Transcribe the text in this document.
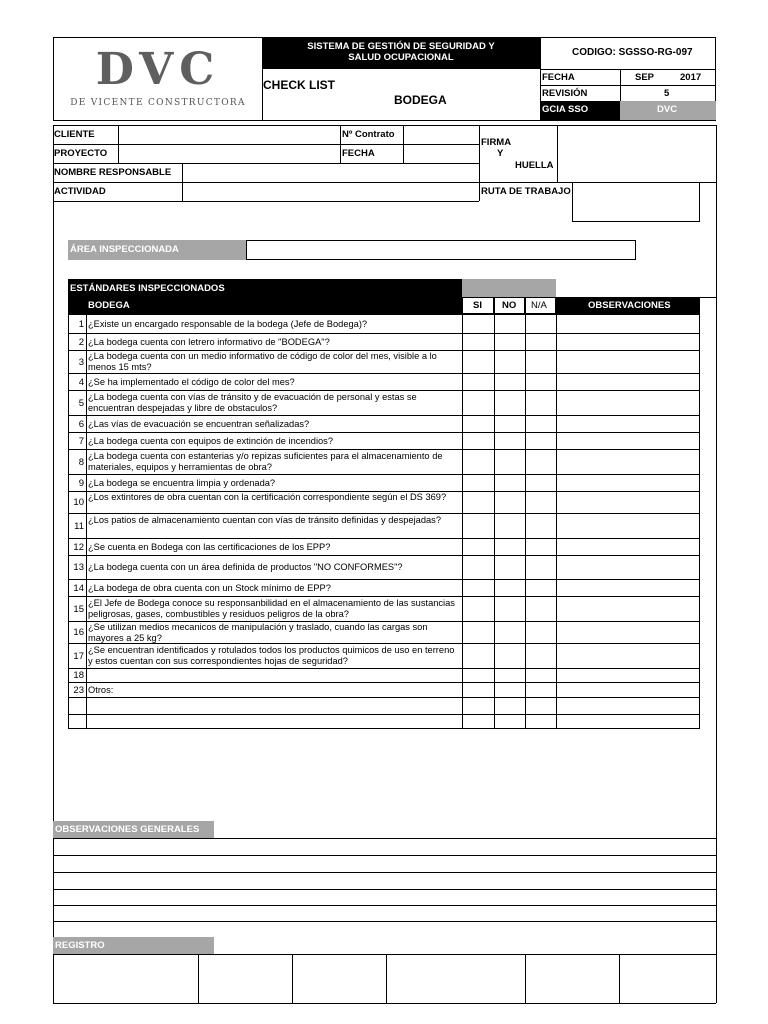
DVC
DE VICENTE CONSTRUCTORA
SISTEMA DE GESTIÓN DE SEGURIDAD Y SALUD OCUPACIONAL	CODIGO: SGSSO-RG-097
CHECK LIST
BODEGA
FECHA	SEP	2017
REVISIÓN	5
GCIA SSO	DVC
CLIENTE	Nº Contrato
PROYECTO	FECHA
NOMBRE RESPONSABLE
ACTIVIDAD	RUTA DE TRABAJO
FIRMA
Y
HUELLA
ÁREA INSPECCIONADA
ESTÁNDARES INSPECCIONADOS
BODEGA	SI NO N/A	OBSERVACIONES
1 ¿Existe un encargado responsable de la bodega (Jefe de Bodega)?
2 ¿La bodega cuenta con letrero informativo de "BODEGA"?
3
¿La bodega cuenta con un medio informativo de código de color del mes, visible a lo menos 15 mts?
4 ¿Se ha implementado el código de color del mes?
5
¿La bodega cuenta con vías de tránsito y de evacuación de personal y estas se encuentran despejadas y libre de obstaculos?
6 ¿Las vías de evacuación se encuentran señalizadas?
7 ¿La bodega cuenta con equipos de extinción de incendios?
8
¿La bodega cuenta con estanterias y/o repizas suficientes para el almacenamiento de materiales, equipos y herramientas de obra?
9 ¿La bodega se encuentra limpia y ordenada?
10
¿Los extintores de obra cuentan con la certificación correspondiente según el DS 369?
11
¿Los patios de almacenamiento cuentan con vías de tránsito definidas y despejadas?
12 ¿Se cuenta en Bodega con las certificaciones de los EPP?
13 ¿La bodega cuenta con un área definida de productos "NO CONFORMES"?
14 ¿La bodega de obra cuenta con un Stock mínimo de EPP?
15
¿El Jefe de Bodega conoce su responsanbilidad en el almacenamiento de las sustancias peligrosas, gases, combustibles y residuos peligros de la obra?
16
¿Se utilizan medios mecanicos de manipulación y traslado, cuando las cargas son mayores a 25 kg?
17
¿Se encuentran identificados y rotulados todos los productos quimicos de uso en terreno y estos cuentan con sus correspondientes hojas de seguridad?
18
23 Otros:
OBSERVACIONES GENERALES
REGISTRO
